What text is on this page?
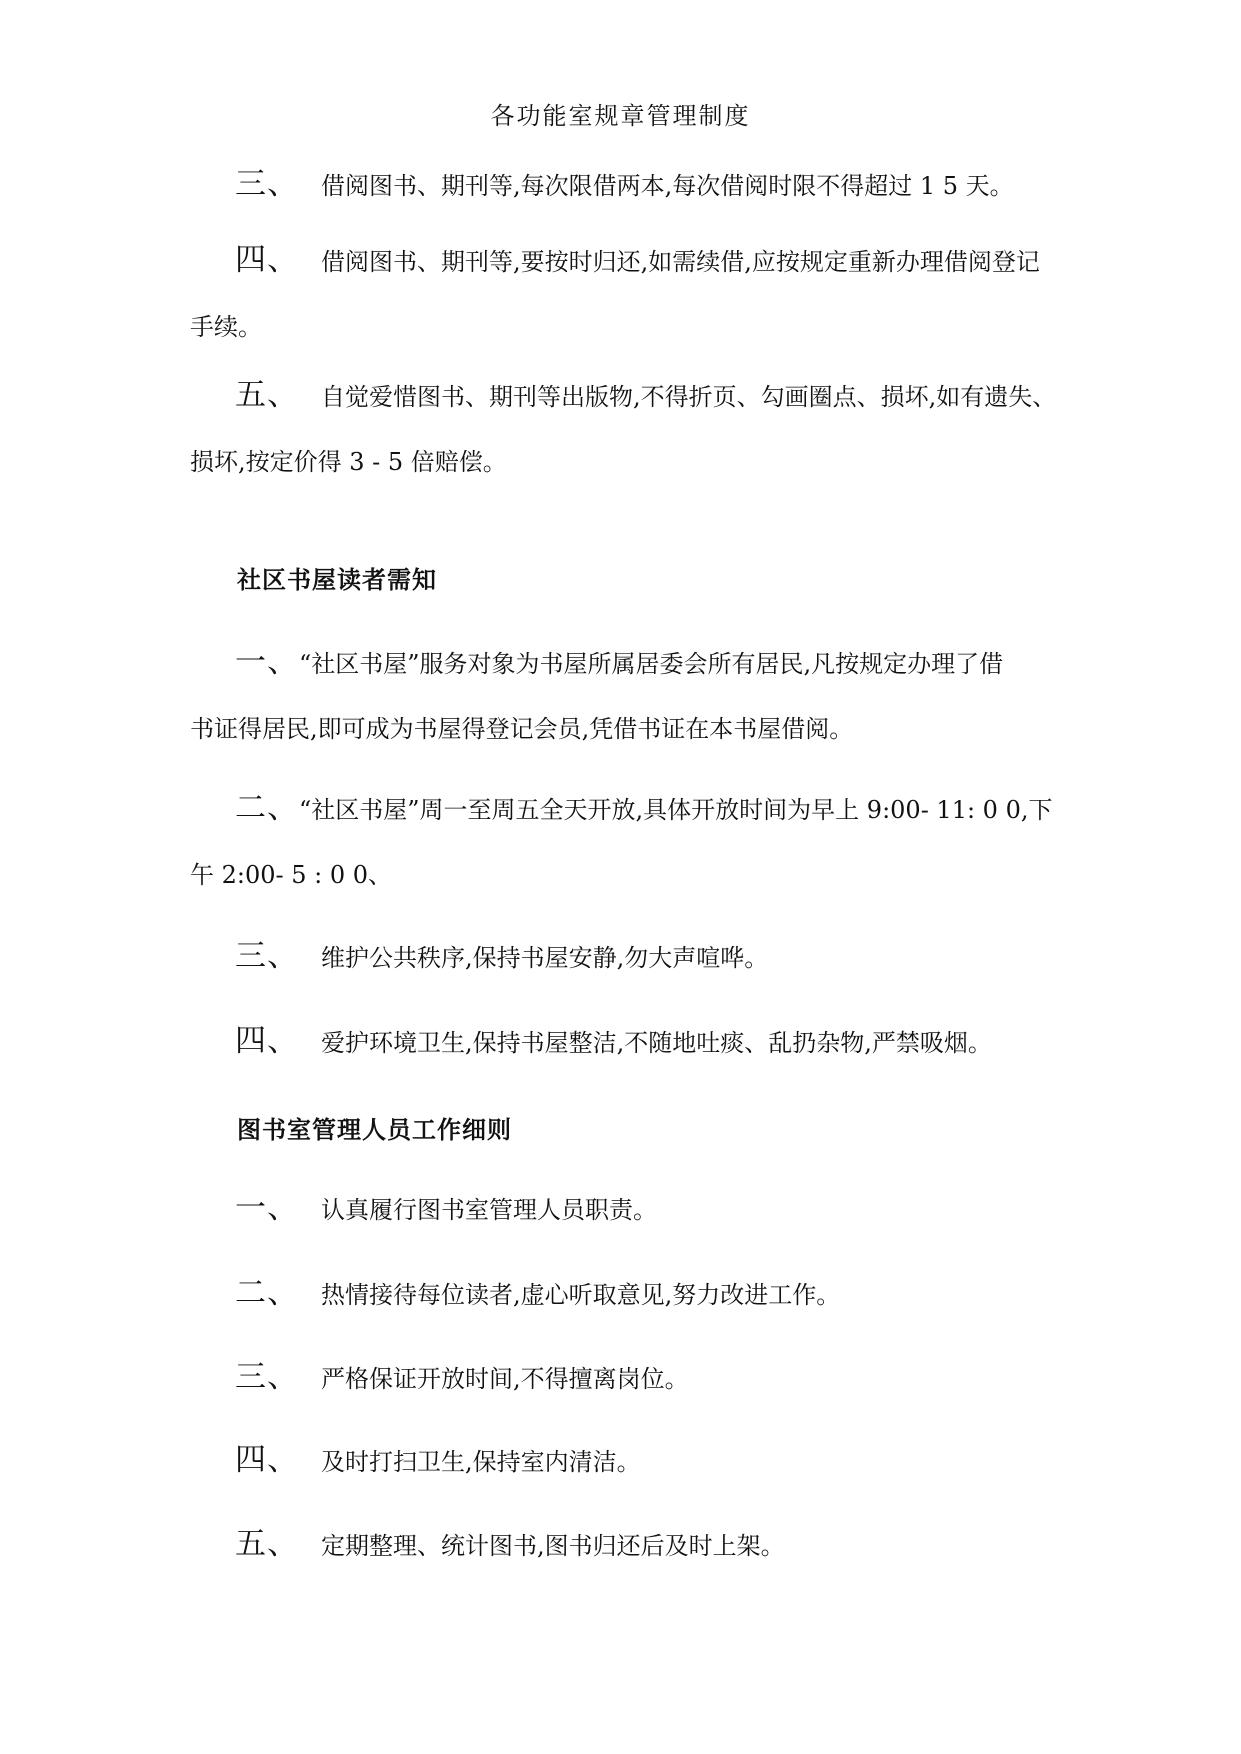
各功能室规章管理制度
三、 借阅图书、期刊等,每次限借两本,每次借阅时限不得超过 1 5 天。
四、 借阅图书、期刊等,要按时归还,如需续借,应按规定重新办理借阅登记
手续。
五、 自觉爱惜图书、期刊等出版物,不得折页、勾画圈点、损坏,如有遗失、
损坏,按定价得 3 - 5 倍赔偿。
社区书屋读者需知
一、“社区书屋”服务对象为书屋所属居委会所有居民,凡按规定办理了借
书证得居民,即可成为书屋得登记会员,凭借书证在本书屋借阅。
二、“社区书屋”周一至周五全天开放,具体开放时间为早上 9:00- 11: 0 0,下
午 2:00- 5 : 0 0、
三、 维护公共秩序,保持书屋安静,勿大声喧哗。
四、 爱护环境卫生,保持书屋整洁,不随地吐痰、乱扔杂物,严禁吸烟。
图书室管理人员工作细则
一、 认真履行图书室管理人员职责。
二、 热情接待每位读者,虚心听取意见,努力改进工作。
三、 严格保证开放时间,不得擅离岗位。
四、 及时打扫卫生,保持室内清洁。
五、 定期整理、统计图书,图书归还后及时上架。
